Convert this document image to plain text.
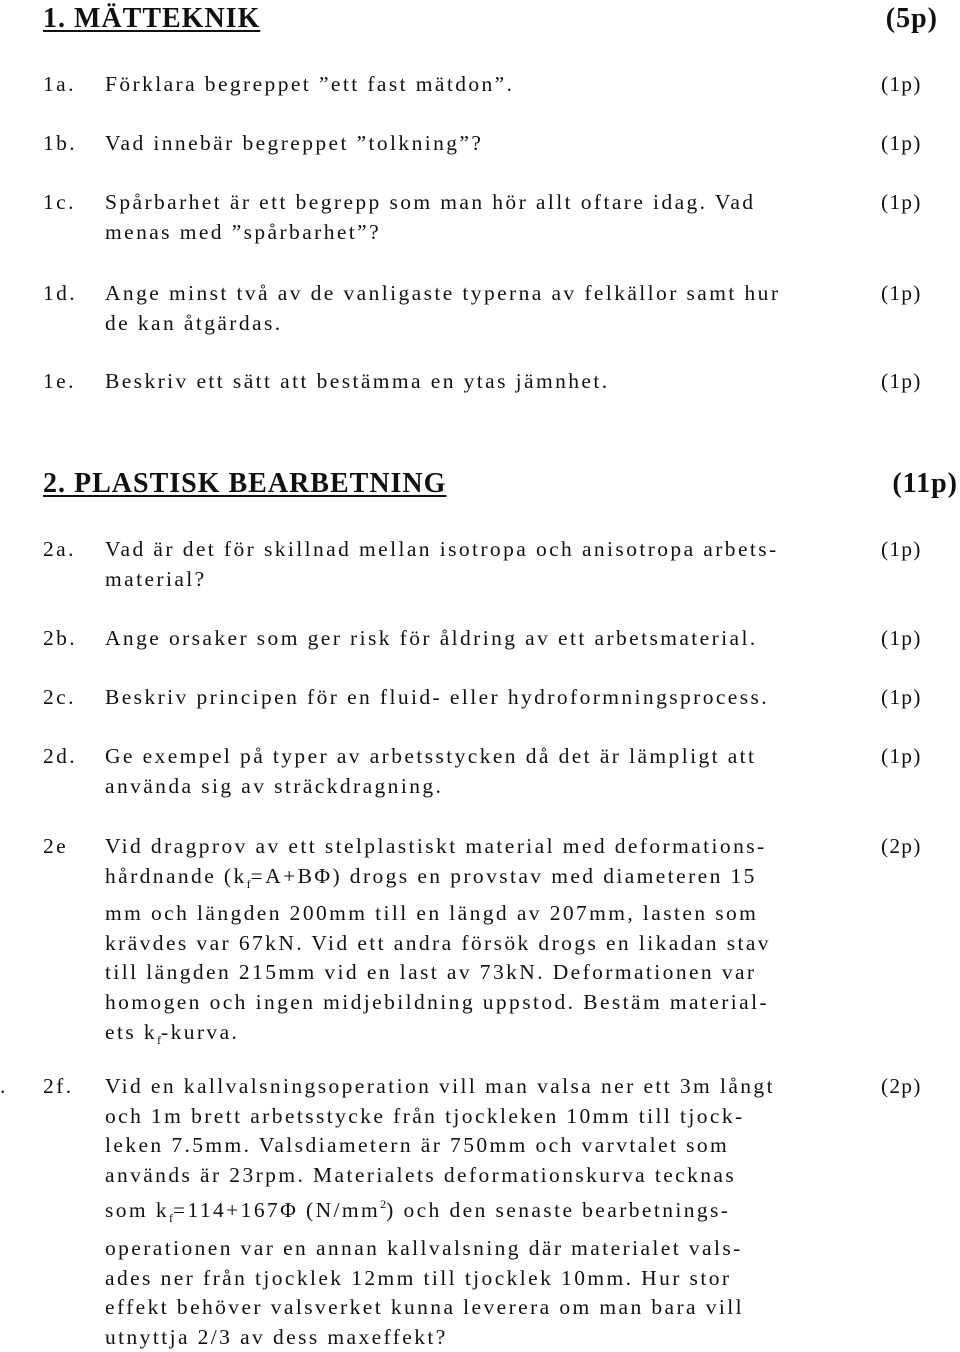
1. MÄTTEKNIK	(5p)
1a. Förklara begreppet ”ett fast mätdon”.	(1p)
1b. Vad innebär begreppet ”tolkning”?	(1p)
1c. Spårbarhet är ett begrepp som man hör allt oftare idag. Vad
menas med ”spårbarhet”?
(1p)
1d. Ange minst två av de vanligaste typerna av felkällor samt hur
de kan åtgärdas.
(1p)
1e. Beskriv ett sätt att bestämma en ytas jämnhet.	(1p)
2. PLASTISK BEARBETNING	(11p)
2a. Vad är det för skillnad mellan isotropa och anisotropa arbets-
material?
(1p)
2b. Ange orsaker som ger risk för åldring av ett arbetsmaterial.	(1p)
2c. Beskriv principen för en fluid- eller hydroformningsprocess.	(1p)
2d. Ge exempel på typer av arbetsstycken då det är lämpligt att
använda sig av sträckdragning.
(1p)
2e Vid dragprov av ett stelplastiskt material med deformations-
hårdnande $(k_f=A+B\Phi)$ drogs en provstav med diameteren 15
mm och längden 200mm till en längd av 207mm, lasten som
krävdes var 67kN. Vid ett andra försök drogs en likadan stav
till längden 215mm vid en last av 73kN. Deformationen var
homogen och ingen midjebildning uppstod. Bestäm material-
ets $k_f$-kurva.
(2p)
. 2f. Vid en kallvalsningsoperation vill man valsa ner ett 3m långt
och 1m brett arbetsstycke från tjockleken 10mm till tjock-
leken 7.5mm. Valsdiametern är 750mm och varvtalet som
används är 23rpm. Materialets deformationskurva tecknas
som $k_f=114+167\Phi$ $(N/mm^2)$ och den senaste bearbetnings-
operationen var en annan kallvalsning där materialet vals-
ades ner från tjocklek 12mm till tjocklek 10mm. Hur stor
effekt behöver valsverket kunna leverera om man bara vill
utnyttja 2/3 av dess maxeffekt?
(2p)
